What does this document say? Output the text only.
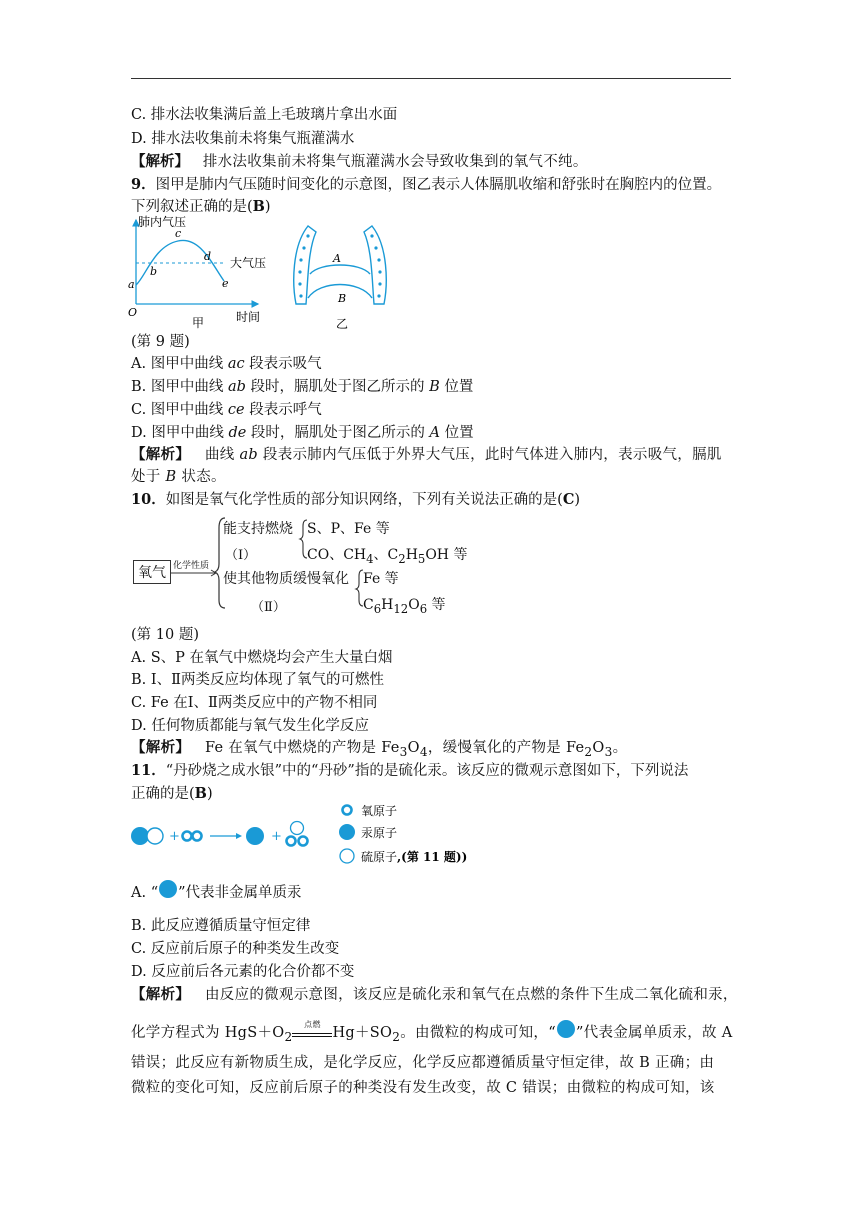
C. 排水法收集满后盖上毛玻璃片拿出水面
D. 排水法收集前未将集气瓶灌满水
【解析】 排水法收集前未将集气瓶灌满水会导致收集到的氧气不纯。
9．图甲是肺内气压随时间变化的示意图，图乙表示人体膈肌收缩和舒张时在胸腔内的位置。
下列叙述正确的是(B)
肺内气压
大气压
时间
O
a
b
c
d
e
甲
A
B
乙
(第 9 题)
A. 图甲中曲线 ac 段表示吸气
B. 图甲中曲线 ab 段时，膈肌处于图乙所示的 B 位置
C. 图甲中曲线 ce 段表示呼气
D. 图甲中曲线 de 段时，膈肌处于图乙所示的 A 位置
【解析】 曲线 ab 段表示肺内气压低于外界大气压，此时气体进入肺内，表示吸气，膈肌
处于 B 状态。
10．如图是氧气化学性质的部分知识网络，下列有关说法正确的是(C)
氧气 化学性质
能支持燃烧
（Ⅰ）
S、P、Fe 等
CO、$CH_4$、$C_2H_5OH$ 等
使其他物质缓慢氧化
（Ⅱ）
Fe 等
$C_6H_{12}O_6$ 等
(第 10 题)
A. S、P 在氧气中燃烧均会产生大量白烟
B. Ⅰ、Ⅱ两类反应均体现了氧气的可燃性
C. Fe 在Ⅰ、Ⅱ两类反应中的产物不相同
D. 任何物质都能与氧气发生化学反应
【解析】 Fe 在氧气中燃烧的产物是 $Fe_3O_4$，缓慢氧化的产物是 $Fe_2O_3$。
11．“丹砂烧之成水银”中的“丹砂”指的是硫化汞。该反应的微观示意图如下，下列说法
正确的是(B)
+	+
氧原子
汞原子
硫原子 ,(第 11 题))
A. “ ”代表非金属单质汞
B. 此反应遵循质量守恒定律
C. 反应前后原子的种类发生改变
D. 反应前后各元素的化合价都不变
【解析】 由反应的微观示意图，该反应是硫化汞和氧气在点燃的条件下生成二氧化硫和汞，
化学方程式为 $HgS+O_2$
点燃
$Hg+SO_2$。由微粒的构成可知，“ ”代表金属单质汞，故 A
错误；此反应有新物质生成，是化学反应，化学反应都遵循质量守恒定律，故 B 正确；由
微粒的变化可知，反应前后原子的种类没有发生改变，故 C 错误；由微粒的构成可知，该
